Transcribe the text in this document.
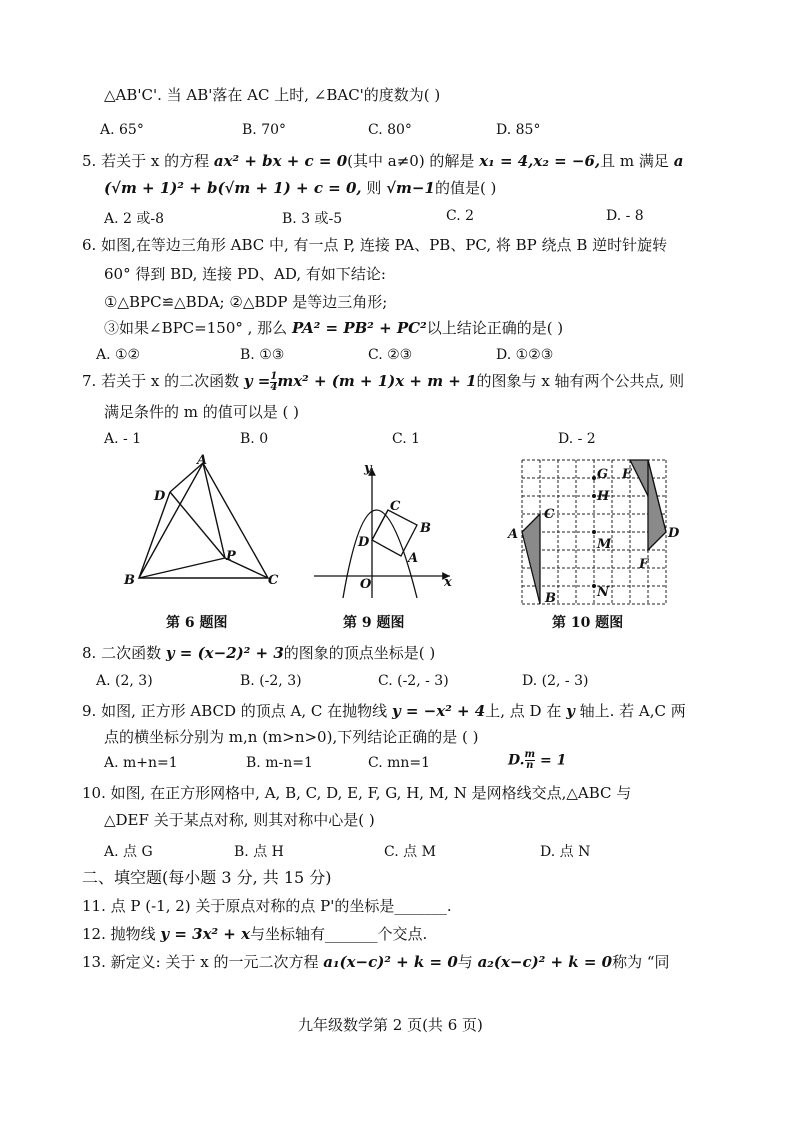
△AB'C'. 当 AB'落在 AC 上时, ∠BAC'的度数为( )
A. 65°	B. 70°	C. 80°	D. 85°
5. 若关于 x 的方程 ax² + bx + c = 0(其中 a≠0) 的解是 x₁ = 4,x₂ = −6,且 m 满足 a
(√m + 1)² + b(√m + 1) + c = 0, 则 √m−1的值是( )
A. 2 或-8	B. 3 或-5	C. 2	D. - 8
6. 如图,在等边三角形 ABC 中, 有一点 P, 连接 PA、PB、PC, 将 BP 绕点 B 逆时针旋转
60° 得到 BD, 连接 PD、AD, 有如下结论:
①△BPC≌△BDA; ②△BDP 是等边三角形;
③如果∠BPC=150° , 那么 PA² = PB² + PC²以上结论正确的是( )
A. ①②	B. ①③	C. ②③	D. ①②③
7. 若关于 x 的二次函数 $y = \frac{1}{4} mx^2 + (m + 1)x + m + 1$的图象与 x 轴有两个公共点, 则
满足条件的 m 的值可以是 ( )
A. - 1	B. 0	C. 1	D. - 2
A
D
P
B	C
第 6 题图
y
C
B
D
A
O	x
第 9 题图
G E
H
C
A
M
D
F
N
B
第 10 题图
8. 二次函数 y = (x−2)² + 3的图象的顶点坐标是( )
A. (2, 3)	B. (-2, 3)	C. (-2, - 3)	D. (2, - 3)
9. 如图, 正方形 ABCD 的顶点 A, C 在抛物线 y = −x² + 4上, 点 D 在 y 轴上. 若 A,C 两
点的横坐标分别为 m,n (m>n>0),下列结论正确的是 ( )
A. m+n=1	B. m-n=1	C. mn=1	D. $\frac{m}{n} = 1$
10. 如图, 在正方形网格中, A, B, C, D, E, F, G, H, M, N 是网格线交点,△ABC 与
△DEF 关于某点对称, 则其对称中心是( )
A. 点 G	B. 点 H	C. 点 M	D. 点 N
二、填空题(每小题 3 分, 共 15 分)
11. 点 P (-1, 2) 关于原点对称的点 P'的坐标是_______.
12. 抛物线 y = 3x² + x与坐标轴有_______个交点.
13. 新定义: 关于 x 的一元二次方程 a₁(x−c)² + k = 0与 a₂(x−c)² + k = 0称为 “同
九年级数学第 2 页(共 6 页)
